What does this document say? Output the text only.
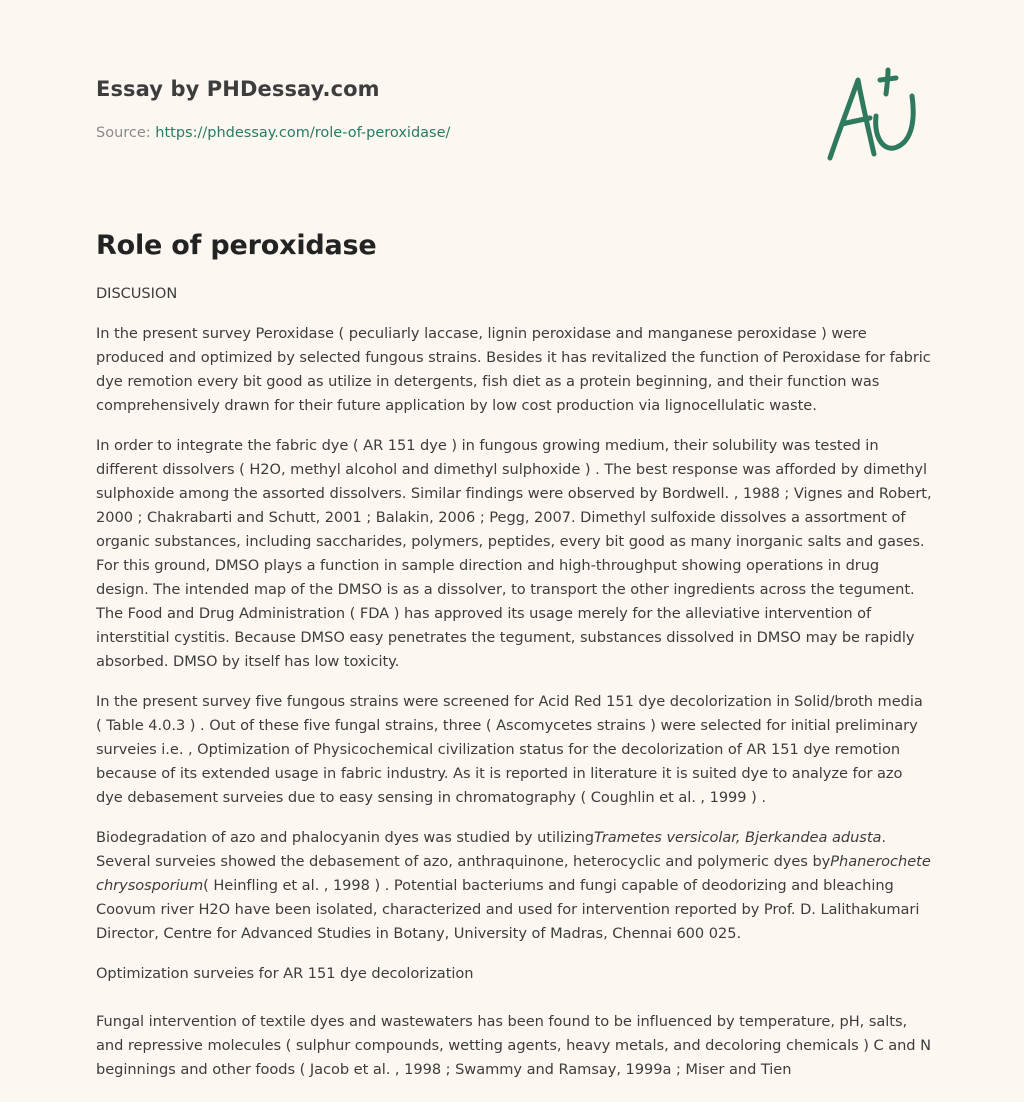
Essay by PHDessay.com
Source: https://phdessay.com/role-of-peroxidase/
Role of peroxidase

DISCUSION

In the present survey Peroxidase ( peculiarly laccase, lignin peroxidase and manganese peroxidase ) were produced and optimized by selected fungous strains. Besides it has revitalized the function of Peroxidase for fabric dye remotion every bit good as utilize in detergents, fish diet as a protein beginning, and their function was comprehensively drawn for their future application by low cost production via lignocellulatic waste.

In order to integrate the fabric dye ( AR 151 dye ) in fungous growing medium, their solubility was tested in different dissolvers ( H2O, methyl alcohol and dimethyl sulphoxide ) . The best response was afforded by dimethyl sulphoxide among the assorted dissolvers. Similar findings were observed by Bordwell. , 1988 ; Vignes and Robert, 2000 ; Chakrabarti and Schutt, 2001 ; Balakin, 2006 ; Pegg, 2007. Dimethyl sulfoxide dissolves a assortment of organic substances, including saccharides, polymers, peptides, every bit good as many inorganic salts and gases. For this ground, DMSO plays a function in sample direction and high-throughput showing operations in drug design. The intended map of the DMSO is as a dissolver, to transport the other ingredients across the tegument. The Food and Drug Administration ( FDA ) has approved its usage merely for the alleviative intervention of interstitial cystitis. Because DMSO easy penetrates the tegument, substances dissolved in DMSO may be rapidly absorbed. DMSO by itself has low toxicity.

In the present survey five fungous strains were screened for Acid Red 151 dye decolorization in Solid/broth media ( Table 4.0.3 ) . Out of these five fungal strains, three ( Ascomycetes strains ) were selected for initial preliminary surveies i.e. , Optimization of Physicochemical civilization status for the decolorization of AR 151 dye remotion because of its extended usage in fabric industry. As it is reported in literature it is suited dye to analyze for azo dye debasement surveies due to easy sensing in chromatography ( Coughlin et al. , 1999 ) .

Biodegradation of azo and phalocyanin dyes was studied by utilizingTrametes versicolar, Bjerkandea adusta. Several surveies showed the debasement of azo, anthraquinone, heterocyclic and polymeric dyes byPhanerochete chrysosporium( Heinfling et al. , 1998 ) . Potential bacteriums and fungi capable of deodorizing and bleaching Coovum river H2O have been isolated, characterized and used for intervention reported by Prof. D. Lalithakumari Director, Centre for Advanced Studies in Botany, University of Madras, Chennai 600 025.

Optimization surveies for AR 151 dye decolorization

Fungal intervention of textile dyes and wastewaters has been found to be influenced by temperature, pH, salts, and repressive molecules ( sulphur compounds, wetting agents, heavy metals, and decoloring chemicals ) C and N beginnings and other foods ( Jacob et al. , 1998 ; Swammy and Ramsay, 1999a ; Miser and Tien
